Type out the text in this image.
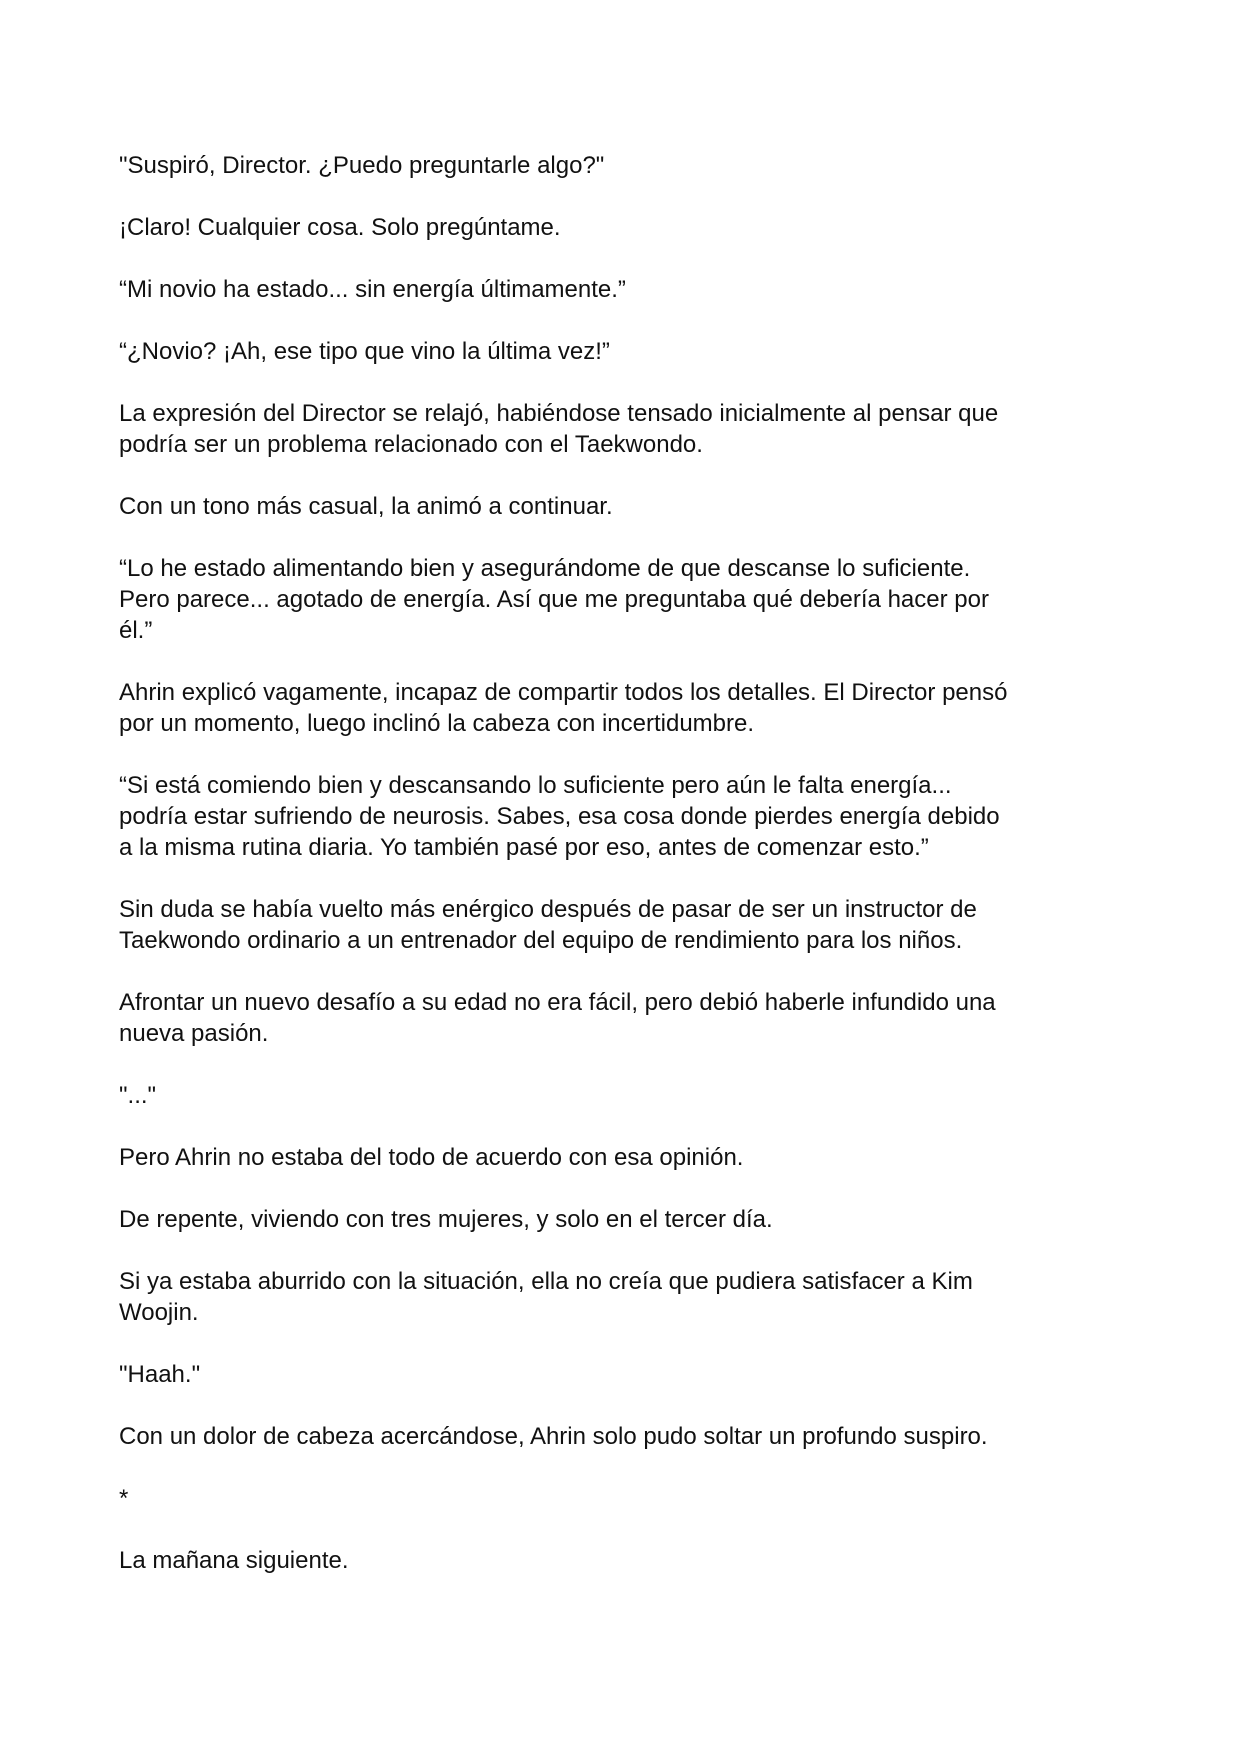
"Suspiró, Director. ¿Puedo preguntarle algo?"

¡Claro! Cualquier cosa. Solo pregúntame.

“Mi novio ha estado... sin energía últimamente.”

“¿Novio? ¡Ah, ese tipo que vino la última vez!”

La expresión del Director se relajó, habiéndose tensado inicialmente al pensar que
podría ser un problema relacionado con el Taekwondo.

Con un tono más casual, la animó a continuar.

“Lo he estado alimentando bien y asegurándome de que descanse lo suficiente.
Pero parece... agotado de energía. Así que me preguntaba qué debería hacer por
él.”

Ahrin explicó vagamente, incapaz de compartir todos los detalles. El Director pensó
por un momento, luego inclinó la cabeza con incertidumbre.

“Si está comiendo bien y descansando lo suficiente pero aún le falta energía...
podría estar sufriendo de neurosis. Sabes, esa cosa donde pierdes energía debido
a la misma rutina diaria. Yo también pasé por eso, antes de comenzar esto.”

Sin duda se había vuelto más enérgico después de pasar de ser un instructor de
Taekwondo ordinario a un entrenador del equipo de rendimiento para los niños.

Afrontar un nuevo desafío a su edad no era fácil, pero debió haberle infundido una
nueva pasión.

"..."

Pero Ahrin no estaba del todo de acuerdo con esa opinión.

De repente, viviendo con tres mujeres, y solo en el tercer día.

Si ya estaba aburrido con la situación, ella no creía que pudiera satisfacer a Kim
Woojin.

"Haah."

Con un dolor de cabeza acercándose, Ahrin solo pudo soltar un profundo suspiro.

*

La mañana siguiente.
